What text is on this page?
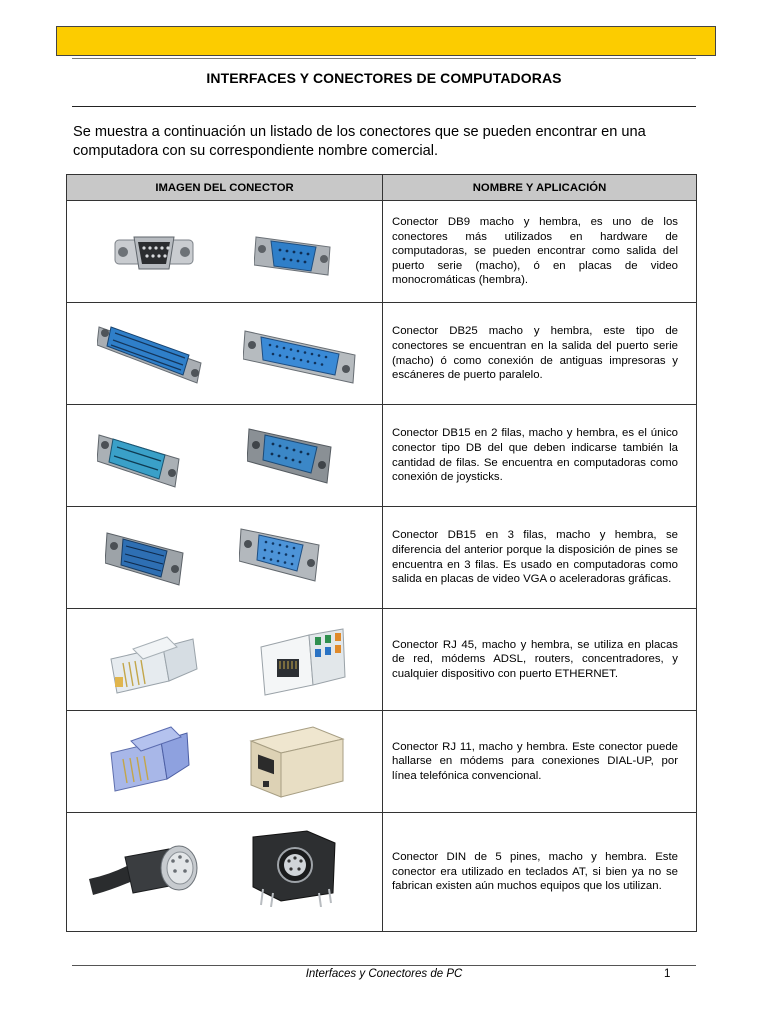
INTERFACES Y CONECTORES DE COMPUTADORAS
Se muestra a continuación un listado de los conectores que se pueden encontrar en una computadora con su correspondiente nombre comercial.
IMAGEN DEL CONECTOR	NOMBRE Y APLICACIÓN

	Conector DB9 macho y hembra, es uno de los conectores más utilizados en hardware de computadoras, se pueden encontrar como salida del puerto serie (macho), ó en placas de video monocromáticas (hembra).

	Conector DB25 macho y hembra, este tipo de conectores se encuentran en la salida del puerto serie (macho) ó como conexión de antiguas impresoras y escáneres de puerto paralelo.

	Conector DB15 en 2 filas, macho y hembra, es el único conector tipo DB del que deben indicarse también la cantidad de filas. Se encuentra en computadoras como conexión de joysticks.

	Conector DB15 en 3 filas, macho y hembra, se diferencia del anterior porque la disposición de pines se encuentra en 3 filas. Es usado en computadoras como salida en placas de video VGA o aceleradoras gráficas.

	Conector RJ 45, macho y hembra, se utiliza en placas de red, módems ADSL, routers, concentradores, y cualquier dispositivo con puerto ETHERNET.

	Conector RJ 11, macho y hembra. Este conector puede hallarse en módems para conexiones DIAL-UP, por línea telefónica convencional.

	Conector DIN de 5 pines, macho y hembra. Este conector era utilizado en teclados AT, si bien ya no se fabrican existen aún muchos equipos que los utilizan.
Interfaces y Conectores de PC	1
